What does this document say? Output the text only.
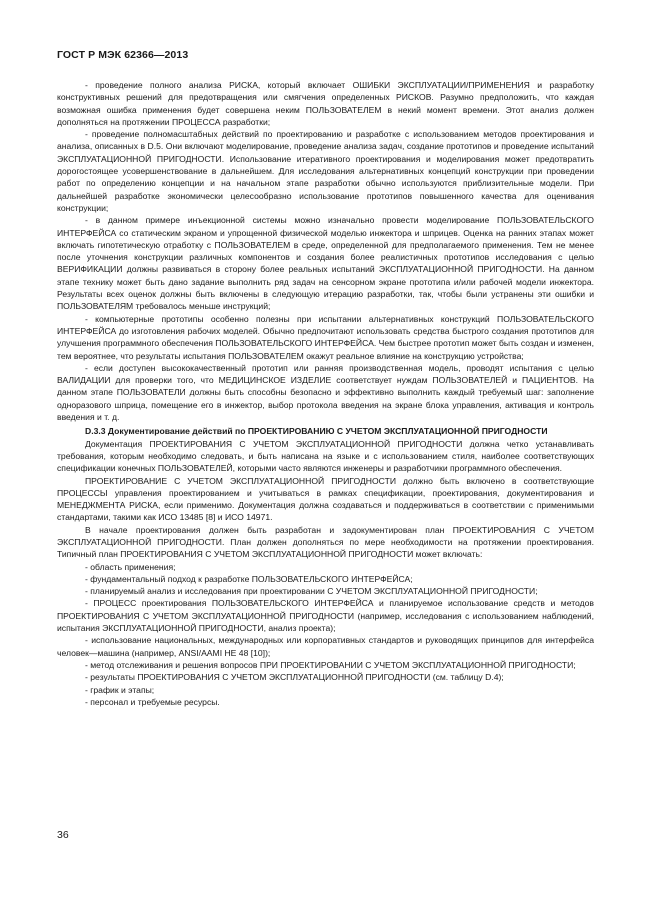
ГОСТ Р МЭК 62366—2013

- проведение полного анализа РИСКА, который включает ОШИБКИ ЭКСПЛУАТАЦИИ/ПРИМЕНЕНИЯ и разработку конструктивных решений для предотвращения или смягчения определенных РИСКОВ. Разумно предположить, что каждая возможная ошибка применения будет совершена неким ПОЛЬЗОВАТЕЛЕМ в некий момент времени. Этот анализ должен дополняться на протяжении ПРОЦЕССА разработки;

- проведение полномасштабных действий по проектированию и разработке с использованием методов проектирования и анализа, описанных в D.5. Они включают моделирование, проведение анализа задач, создание прототипов и проведение испытаний ЭКСПЛУАТАЦИОННОЙ ПРИГОДНОСТИ. Использование итеративного проектирования и моделирования может предотвратить дорогостоящее усовершенствование в дальнейшем. Для исследования альтернативных концепций конструкции при проведении работ по определению концепции и на начальном этапе разработки обычно используются приблизительные модели. При дальнейшей разработке экономически целесообразно использование прототипов повышенного качества для оценивания конструкции;

- в данном примере инъекционной системы можно изначально провести моделирование ПОЛЬЗОВАТЕЛЬСКОГО ИНТЕРФЕЙСА со статическим экраном и упрощенной физической моделью инжектора и шприцев. Оценка на ранних этапах может включать гипотетическую отработку с ПОЛЬЗОВАТЕЛЕМ в среде, определенной для предполагаемого применения. Тем не менее после уточнения конструкции различных компонентов и создания более реалистичных прототипов исследования с целью ВЕРИФИКАЦИИ должны развиваться в сторону более реальных испытаний ЭКСПЛУАТАЦИОННОЙ ПРИГОДНОСТИ. На данном этапе технику может быть дано задание выполнить ряд задач на сенсорном экране прототипа и/или рабочей модели инжектора. Результаты всех оценок должны быть включены в следующую итерацию разработки, так, чтобы были устранены эти ошибки и ПОЛЬЗОВАТЕЛЯМ требовалось меньше инструкций;

- компьютерные прототипы особенно полезны при испытании альтернативных конструкций ПОЛЬЗОВАТЕЛЬСКОГО ИНТЕРФЕЙСА до изготовления рабочих моделей. Обычно предпочитают использовать средства быстрого создания прототипов для улучшения программного обеспечения ПОЛЬЗОВАТЕЛЬСКОГО ИНТЕРФЕЙСА. Чем быстрее прототип может быть создан и изменен, тем вероятнее, что результаты испытания ПОЛЬЗОВАТЕЛЕМ окажут реальное влияние на конструкцию устройства;

- если доступен высококачественный прототип или ранняя производственная модель, проводят испытания с целью ВАЛИДАЦИИ для проверки того, что МЕДИЦИНСКОЕ ИЗДЕЛИЕ соответствует нуждам ПОЛЬЗОВАТЕЛЕЙ и ПАЦИЕНТОВ. На данном этапе ПОЛЬЗОВАТЕЛИ должны быть способны безопасно и эффективно выполнить каждый требуемый шаг: заполнение одноразового шприца, помещение его в инжектор, выбор протокола введения на экране блока управления, активация и контроль введения и т. д.

D.3.3 Документирование действий по ПРОЕКТИРОВАНИЮ С УЧЕТОМ ЭКСПЛУАТАЦИОННОЙ ПРИГОДНОСТИ

Документация ПРОЕКТИРОВАНИЯ С УЧЕТОМ ЭКСПЛУАТАЦИОННОЙ ПРИГОДНОСТИ должна четко устанавливать требования, которым необходимо следовать, и быть написана на языке и с использованием стиля, наиболее соответствующих спецификации конечных ПОЛЬЗОВАТЕЛЕЙ, которыми часто являются инженеры и разработчики программного обеспечения.

ПРОЕКТИРОВАНИЕ С УЧЕТОМ ЭКСПЛУАТАЦИОННОЙ ПРИГОДНОСТИ должно быть включено в соответствующие ПРОЦЕССЫ управления проектированием и учитываться в рамках спецификации, проектирования, документирования и МЕНЕДЖМЕНТА РИСКА, если применимо. Документация должна создаваться и поддерживаться в соответствии с применимыми стандартами, такими как ИСО 13485 [8] и ИСО 14971.

В начале проектирования должен быть разработан и задокументирован план ПРОЕКТИРОВАНИЯ С УЧЕТОМ ЭКСПЛУАТАЦИОННОЙ ПРИГОДНОСТИ. План должен дополняться по мере необходимости на протяжении проектирования. Типичный план ПРОЕКТИРОВАНИЯ С УЧЕТОМ ЭКСПЛУАТАЦИОННОЙ ПРИГОДНОСТИ может включать:

- область применения;

- фундаментальный подход к разработке ПОЛЬЗОВАТЕЛЬСКОГО ИНТЕРФЕЙСА;

- планируемый анализ и исследования при проектировании С УЧЕТОМ ЭКСПЛУАТАЦИОННОЙ ПРИГОДНОСТИ;

- ПРОЦЕСС проектирования ПОЛЬЗОВАТЕЛЬСКОГО ИНТЕРФЕЙСА и планируемое использование средств и методов ПРОЕКТИРОВАНИЯ С УЧЕТОМ ЭКСПЛУАТАЦИОННОЙ ПРИГОДНОСТИ (например, исследования с использованием наблюдений, испытания ЭКСПЛУАТАЦИОННОЙ ПРИГОДНОСТИ, анализ проекта);

- использование национальных, международных или корпоративных стандартов и руководящих принципов для интерфейса человек—машина (например, ANSI/AAMI HE 48 [10]);

- метод отслеживания и решения вопросов ПРИ ПРОЕКТИРОВАНИИ С УЧЕТОМ ЭКСПЛУАТАЦИОННОЙ ПРИГОДНОСТИ;

- результаты ПРОЕКТИРОВАНИЯ С УЧЕТОМ ЭКСПЛУАТАЦИОННОЙ ПРИГОДНОСТИ (см. таблицу D.4);

- график и этапы;

- персонал и требуемые ресурсы.

36
